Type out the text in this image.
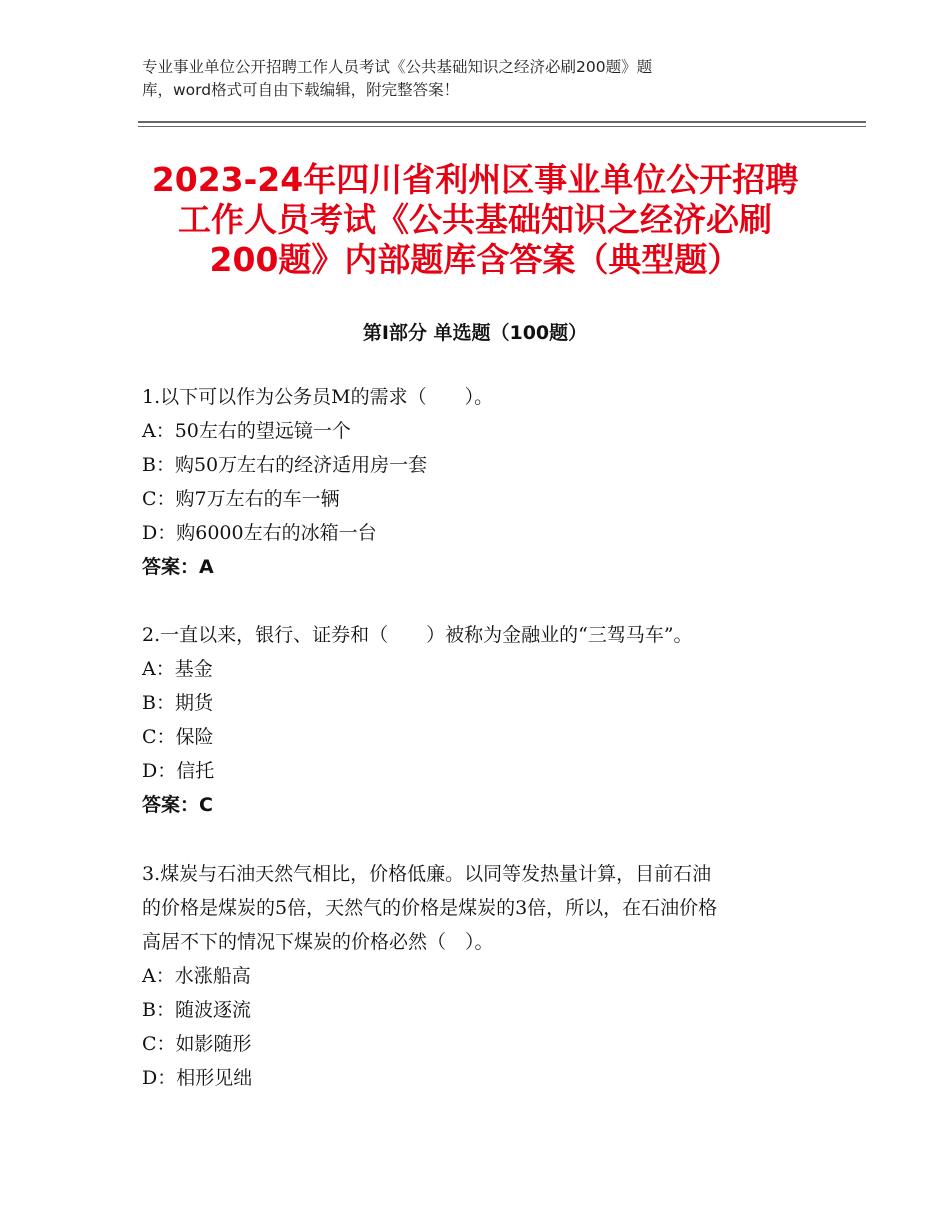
专业事业单位公开招聘工作人员考试《公共基础知识之经济必刷200题》题
库，word格式可自由下载编辑，附完整答案！
2023-24年四川省利州区事业单位公开招聘
工作人员考试《公共基础知识之经济必刷
200题》内部题库含答案（典型题）
第Ⅰ部分 单选题（100题）
1.以下可以作为公务员M的需求（　　）。
A：50左右的望远镜一个
B：购50万左右的经济适用房一套
C：购7万左右的车一辆
D：购6000左右的冰箱一台
答案：A
2.一直以来，银行、证券和（　　）被称为金融业的“三驾马车”。
A：基金
B：期货
C：保险
D：信托
答案：C
3.煤炭与石油天然气相比，价格低廉。以同等发热量计算，目前石油
的价格是煤炭的5倍，天然气的价格是煤炭的3倍，所以，在石油价格
高居不下的情况下煤炭的价格必然（　）。
A：水涨船高
B：随波逐流
C：如影随形
D：相形见绌
